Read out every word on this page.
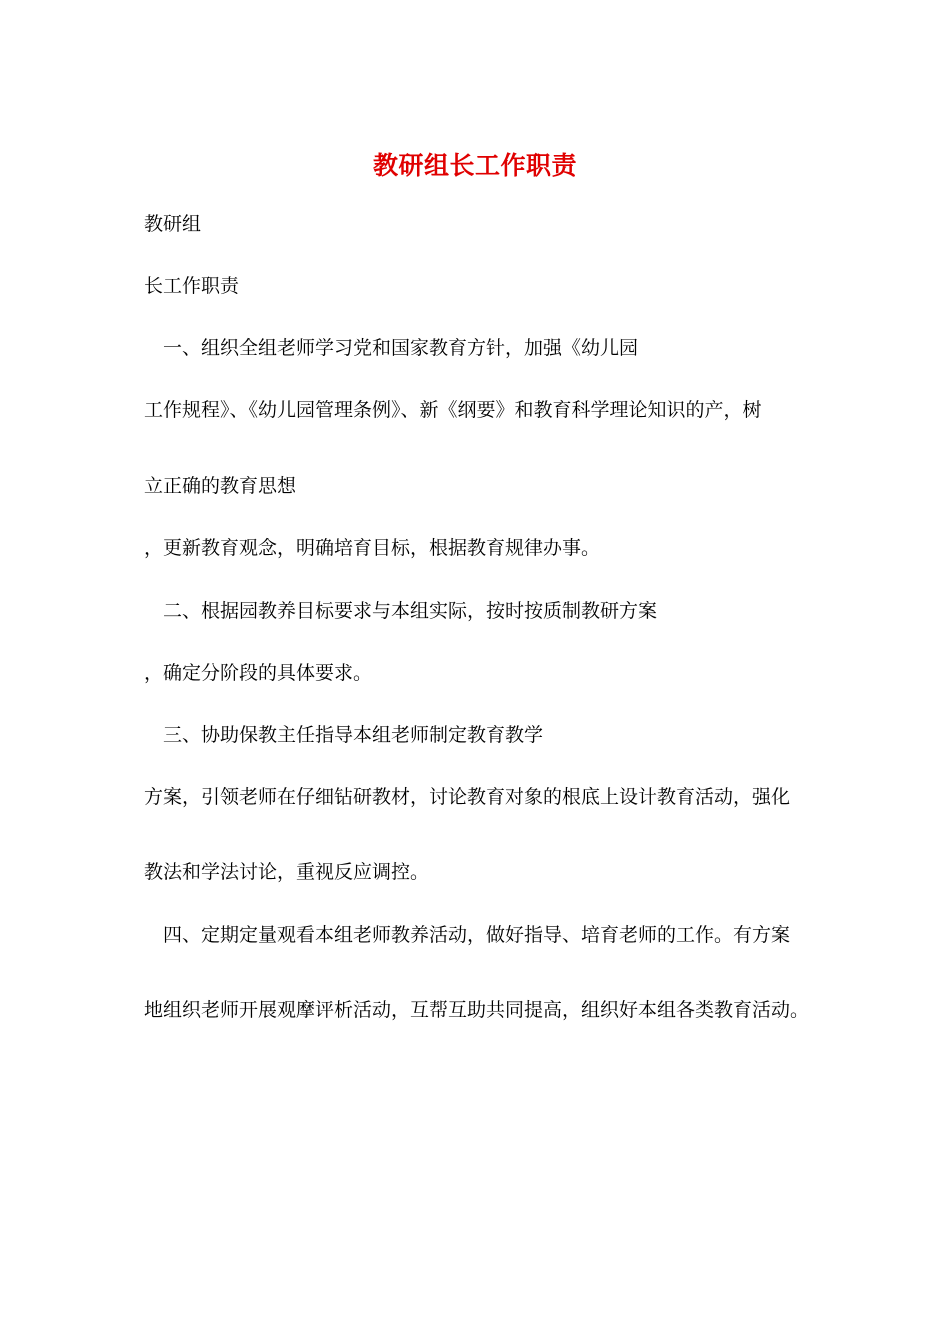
教研组长工作职责
教研组
长工作职责
一、组织全组老师学习党和国家教育方针，加强《幼儿园
工作规程》、《幼儿园管理条例》、新《纲要》和教育科学理论知识的产，树
立正确的教育思想
，更新教育观念，明确培育目标，根据教育规律办事。
二、根据园教养目标要求与本组实际，按时按质制教研方案
，确定分阶段的具体要求。
三、协助保教主任指导本组老师制定教育教学
方案，引领老师在仔细钻研教材，讨论教育对象的根底上设计教育活动，强化
教法和学法讨论，重视反应调控。
四、定期定量观看本组老师教养活动，做好指导、培育老师的工作。有方案
地组织老师开展观摩评析活动，互帮互助共同提高，组织好本组各类教育活动。
